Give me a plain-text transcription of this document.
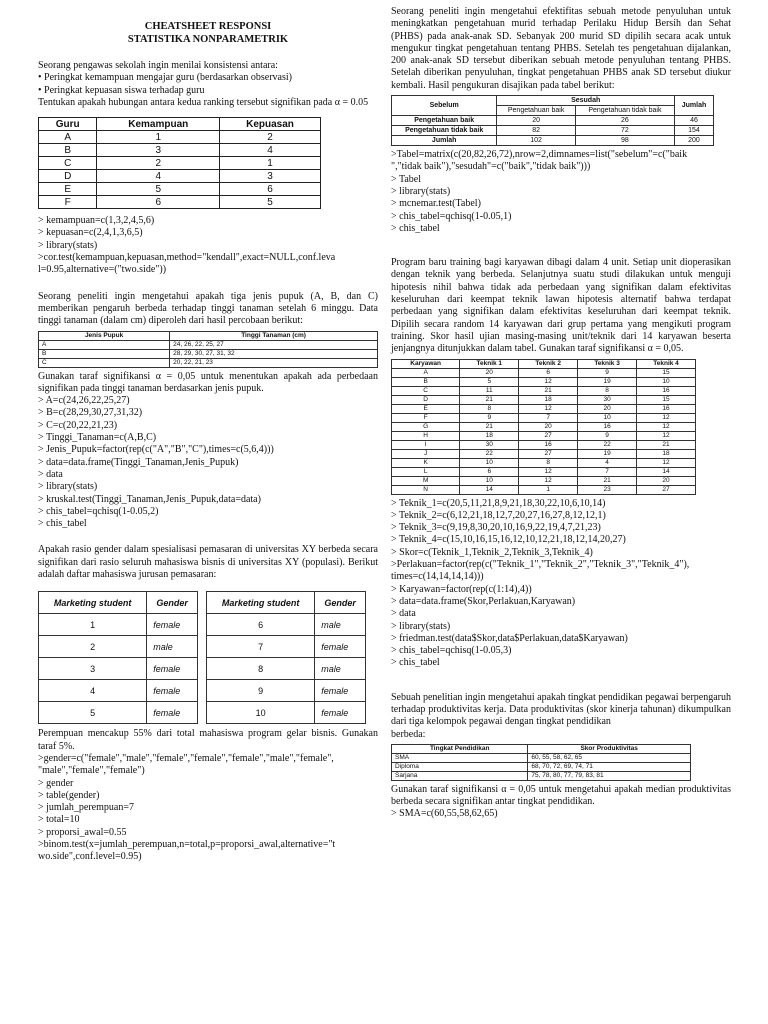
CHEATSHEET RESPONSI
STATISTIKA NONPARAMETRIK

Seorang pengawas sekolah ingin menilai konsistensi antara:

• Peringkat kemampuan mengajar guru (berdasarkan observasi)

• Peringkat kepuasan siswa terhadap guru

Tentukan apakah hubungan antara kedua ranking tersebut signifikan pada α = 0.05

Guru	Kemampuan	Kepuasan
A	1	2
B	3	4
C	2	1
D	4	3
E	5	6
F	6	5

> kemampuan=c(1,3,2,4,5,6)

> kepuasan=c(2,4,1,3,6,5)

> library(stats)

>cor.test(kemampuan,kepuasan,method="kendall",exact=NULL,conf.leva

l=0.95,alternative=("two.side"))

Seorang peneliti ingin mengetahui apakah tiga jenis pupuk (A, B, dan C) memberikan pengaruh berbeda terhadap tinggi tanaman setelah 6 minggu. Data tinggi tanaman (dalam cm) diperoleh dari hasil percobaan berikut:

Jenis Pupuk	Tinggi Tanaman (cm)
A	24, 26, 22, 25, 27
B	28, 29, 30, 27, 31, 32
C	20, 22, 21, 23

Gunakan taraf signifikansi α = 0,05 untuk menentukan apakah ada perbedaan signifikan pada tinggi tanaman berdasarkan jenis pupuk.

> A=c(24,26,22,25,27)

> B=c(28,29,30,27,31,32)

> C=c(20,22,21,23)

> Tinggi_Tanaman=c(A,B,C)

> Jenis_Pupuk=factor(rep(c("A","B","C"),times=c(5,6,4)))

> data=data.frame(Tinggi_Tanaman,Jenis_Pupuk)

> data

> library(stats)

> kruskal.test(Tinggi_Tanaman,Jenis_Pupuk,data=data)

> chis_tabel=qchisq(1-0.05,2)

> chis_tabel

Apakah rasio gender dalam spesialisasi pemasaran di universitas XY berbeda secara signifikan dari rasio seluruh mahasiswa bisnis di universitas XY (populasi). Berikut adalah daftar mahasiswa jurusan pemasaran:

Marketing student	Gender
1	female
2	male
3	female
4	female
5	female
Marketing student	Gender
6	male
7	female
8	male
9	female
10	female

Perempuan mencakup 55% dari total mahasiswa program gelar bisnis. Gunakan taraf 5%.

>gender=c("female","male","female","female","female","male","female",

"male","female","female")

> gender

> table(gender)

> jumlah_perempuan=7

> total=10

> proporsi_awal=0.55

>binom.test(x=jumlah_perempuan,n=total,p=proporsi_awal,alternative="t

wo.side",conf.level=0.95)

Seorang peneliti ingin mengetahui efektifitas sebuah metode penyuluhan untuk meningkatkan pengetahuan murid terhadap Perilaku Hidup Bersih dan Sehat (PHBS) pada anak-anak SD. Sebanyak 200 murid SD dipilih secara acak untuk mengukur tingkat pengetahuan tentang PHBS. Setelah tes pengetahuan dijalankan, 200 anak-anak SD tersebut diberikan sebuah metode penyuluhan tentang PHBS. Setelah diberikan penyuluhan, tingkat pengetahuan PHBS anak SD tersebut diukur kembali. Hasil pengukuran disajikan pada tabel berikut:

Sebelum	Sesudah		Jumlah
	Pengetahuan baik	Pengetahuan tidak baik	
Pengetahuan baik	20	26	46
Pengetahuan tidak baik	82	72	154
Jumlah	102	98	200

>Tabel=matrix(c(20,82,26,72),nrow=2,dimnames=list("sebelum"=c("baik

","tidak baik"),"sesudah"=c("baik","tidak baik")))

> Tabel

> library(stats)

> mcnemar.test(Tabel)

> chis_tabel=qchisq(1-0.05,1)

> chis_tabel

Program baru training bagi karyawan dibagi dalam 4 unit. Setiap unit dioperasikan dengan teknik yang berbeda. Selanjutnya suatu studi dilakukan untuk menguji hipotesis nihil bahwa tidak ada perbedaan yang signifikan dalam efektivitas keseluruhan dari keempat teknik lawan hipotesis alternatif bahwa terdapat perbedaan yang signifikan dalam efektivitas keseluruhan dari keempat teknik. Dipilih secara random 14 karyawan dari grup pertama yang mengikuti program training. Skor hasil ujian masing-masing unit/teknik dari 14 karyawan beserta jenjangnya ditunjukkan dalam tabel. Gunakan taraf signifikansi α = 0,05.

Karyawan	Teknik 1	Teknik 2	Teknik 3	Teknik 4
A	20	6	9	15
B	5	12	19	10
C	11	21	8	16
D	21	18	30	15
E	8	12	20	16
F	9	7	10	12
G	21	20	16	12
H	18	27	9	12
I	30	16	22	21
J	22	27	19	18
K	10	8	4	12
L	6	12	7	14
M	10	12	21	20
N	14	1	23	27

> Teknik_1=c(20,5,11,21,8,9,21,18,30,22,10,6,10,14)

> Teknik_2=c(6,12,21,18,12,7,20,27,16,27,8,12,12,1)

> Teknik_3=c(9,19,8,30,20,10,16,9,22,19,4,7,21,23)

> Teknik_4=c(15,10,16,15,16,12,10,12,21,18,12,14,20,27)

> Skor=c(Teknik_1,Teknik_2,Teknik_3,Teknik_4)

>Perlakuan=factor(rep(c("Teknik_1","Teknik_2","Teknik_3","Teknik_4"),

times=c(14,14,14,14)))

> Karyawan=factor(rep(c(1:14),4))

> data=data.frame(Skor,Perlakuan,Karyawan)

> data

> library(stats)

> friedman.test(data$Skor,data$Perlakuan,data$Karyawan)

> chis_tabel=qchisq(1-0.05,3)

> chis_tabel

Sebuah penelitian ingin mengetahui apakah tingkat pendidikan pegawai berpengaruh terhadap produktivitas kerja. Data produktivitas (skor kinerja tahunan) dikumpulkan dari tiga kelompok pegawai dengan tingkat pendidikan

berbeda:

Tingkat Pendidikan	Skor Produktivitas
SMA	60, 55, 58, 62, 65
Diploma	68, 70, 72, 69, 74, 71
Sarjana	75, 78, 80, 77, 79, 83, 81

Gunakan taraf signifikansi α = 0,05 untuk mengetahui apakah median produktivitas berbeda secara signifikan antar tingkat pendidikan.

> SMA=c(60,55,58,62,65)
